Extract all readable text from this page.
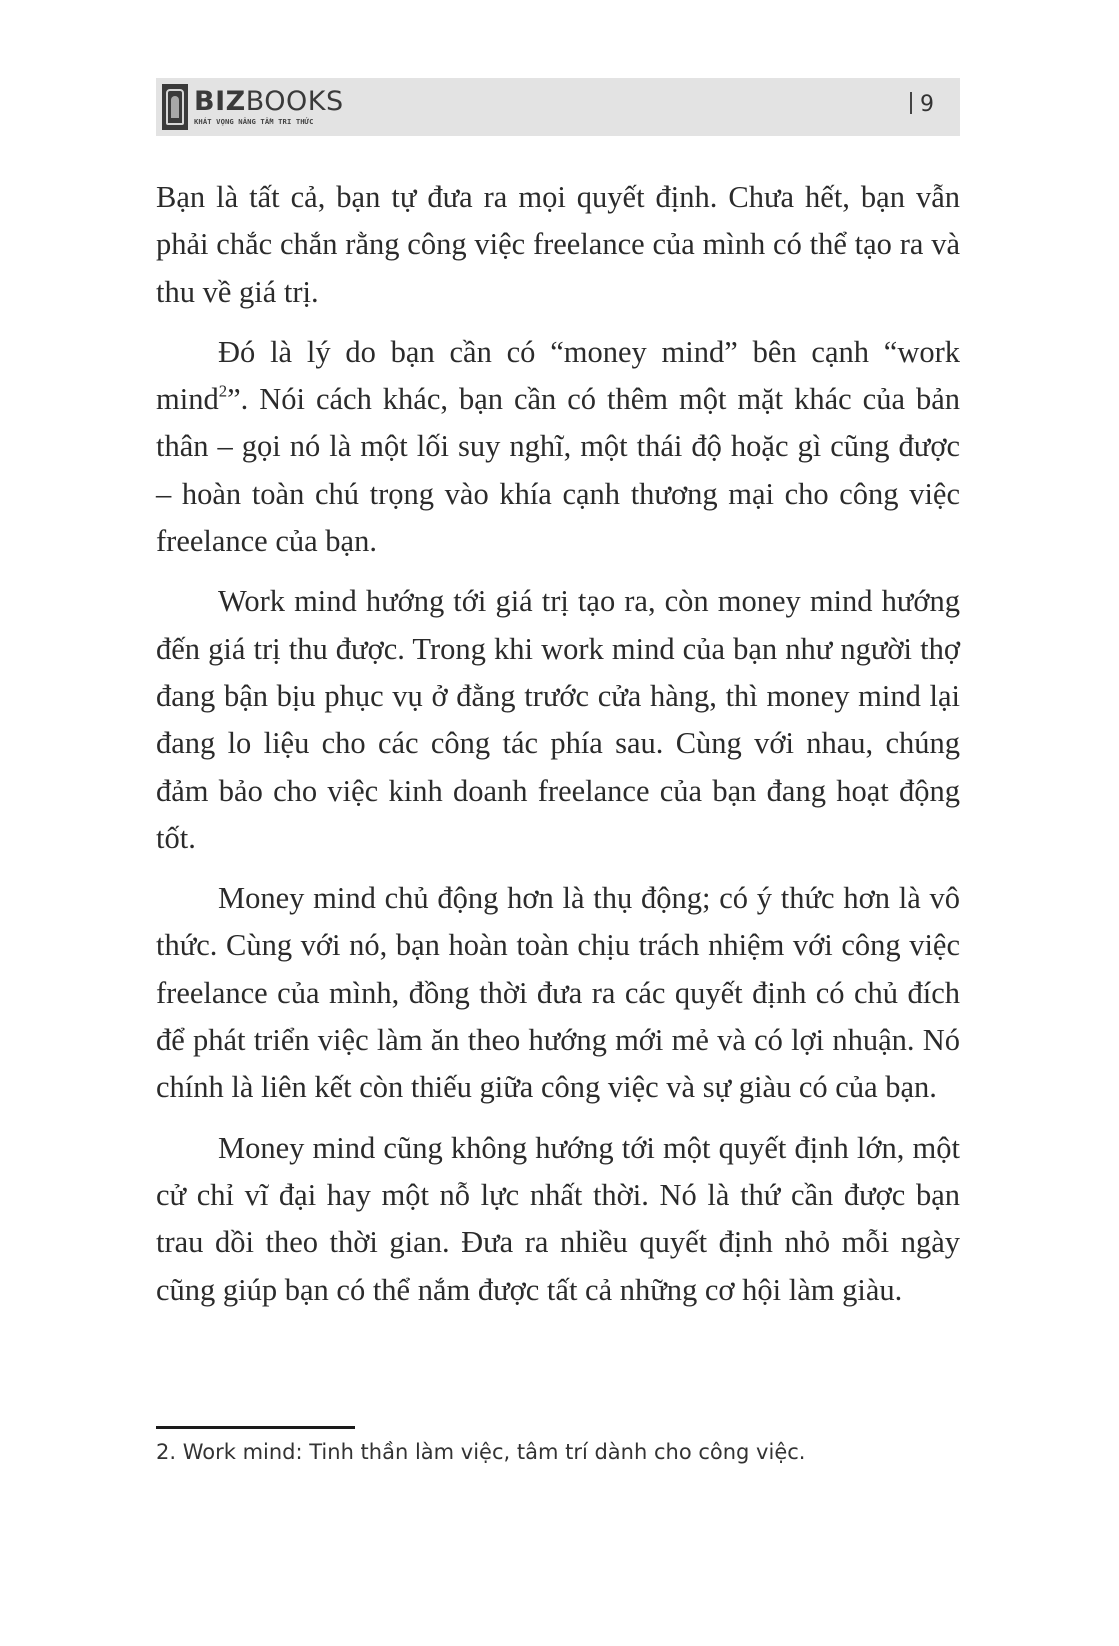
BIZBOOKS
KHÁT VỌNG NÂNG TẦM TRI THỨC
9

Bạn là tất cả, bạn tự đưa ra mọi quyết định. Chưa hết, bạn vẫn phải chắc chắn rằng công việc freelance của mình có thể tạo ra và thu về giá trị.

Đó là lý do bạn cần có “money mind” bên cạnh “work mind$^2$”. Nói cách khác, bạn cần có thêm một mặt khác của bản thân – gọi nó là một lối suy nghĩ, một thái độ hoặc gì cũng được – hoàn toàn chú trọng vào khía cạnh thương mại cho công việc freelance của bạn.

Work mind hướng tới giá trị tạo ra, còn money mind hướng đến giá trị thu được. Trong khi work mind của bạn như người thợ đang bận bịu phục vụ ở đằng trước cửa hàng, thì money mind lại đang lo liệu cho các công tác phía sau. Cùng với nhau, chúng đảm bảo cho việc kinh doanh freelance của bạn đang hoạt động tốt.

Money mind chủ động hơn là thụ động; có ý thức hơn là vô thức. Cùng với nó, bạn hoàn toàn chịu trách nhiệm với công việc freelance của mình, đồng thời đưa ra các quyết định có chủ đích để phát triển việc làm ăn theo hướng mới mẻ và có lợi nhuận. Nó chính là liên kết còn thiếu giữa công việc và sự giàu có của bạn.

Money mind cũng không hướng tới một quyết định lớn, một cử chỉ vĩ đại hay một nỗ lực nhất thời. Nó là thứ cần được bạn trau dồi theo thời gian. Đưa ra nhiều quyết định nhỏ mỗi ngày cũng giúp bạn có thể nắm được tất cả những cơ hội làm giàu.

2. Work mind: Tinh thần làm việc, tâm trí dành cho công việc.
